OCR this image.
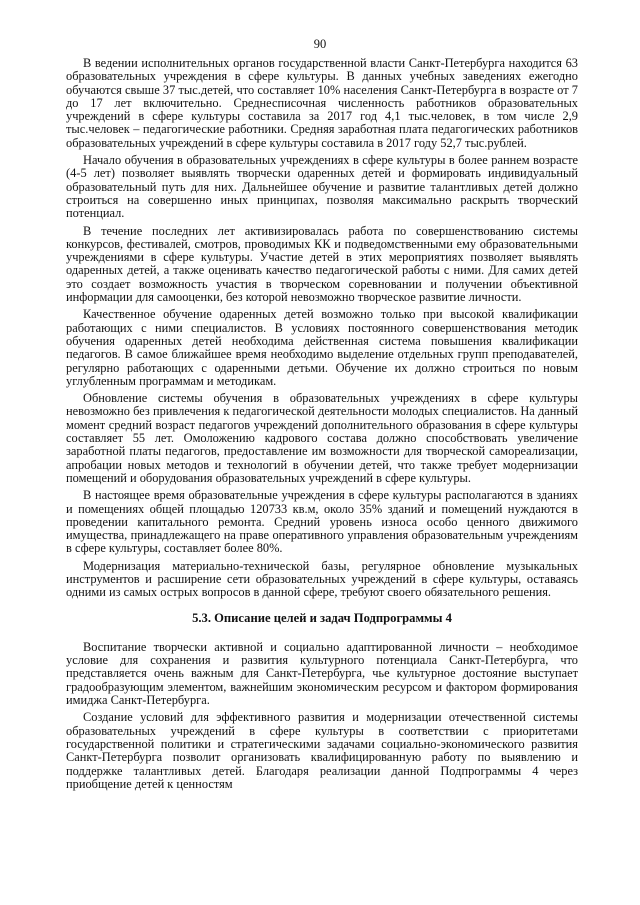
90

В ведении исполнительных органов государственной власти Санкт-Петербурга находится 63 образовательных учреждения в сфере культуры. В данных учебных заведениях ежегодно обучаются свыше 37 тыс.детей, что составляет 10% населения Санкт-Петербурга в возрасте от 7 до 17 лет включительно. Среднесписочная численность работников образовательных учреждений в сфере культуры составила за 2017 год 4,1 тыс.человек, в том числе 2,9 тыс.человек – педагогические работники. Средняя заработная плата педагогических работников образовательных учреждений в сфере культуры составила в 2017 году 52,7 тыс.рублей.

Начало обучения в образовательных учреждениях в сфере культуры в более раннем возрасте (4-5 лет) позволяет выявлять творчески одаренных детей и формировать индивидуальный образовательный путь для них. Дальнейшее обучение и развитие талантливых детей должно строиться на совершенно иных принципах, позволяя максимально раскрыть творческий потенциал.

В течение последних лет активизировалась работа по совершенствованию системы конкурсов, фестивалей, смотров, проводимых КК и подведомственными ему образовательными учреждениями в сфере культуры. Участие детей в этих мероприятиях позволяет выявлять одаренных детей, а также оценивать качество педагогической работы с ними. Для самих детей это создает возможность участия в творческом соревновании и получении объективной информации для самооценки, без которой невозможно творческое развитие личности.

Качественное обучение одаренных детей возможно только при высокой квалификации работающих с ними специалистов. В условиях постоянного совершенствования методик обучения одаренных детей необходима действенная система повышения квалификации педагогов. В самое ближайшее время необходимо выделение отдельных групп преподавателей, регулярно работающих с одаренными детьми. Обучение их должно строиться по новым углубленным программам и методикам.

Обновление системы обучения в образовательных учреждениях в сфере культуры невозможно без привлечения к педагогической деятельности молодых специалистов. На данный момент средний возраст педагогов учреждений дополнительного образования в сфере культуры составляет 55 лет. Омоложению кадрового состава должно способствовать увеличение заработной платы педагогов, предоставление им возможности для творческой самореализации, апробации новых методов и технологий в обучении детей, что также требует модернизации помещений и оборудования образовательных учреждений в сфере культуры.

В настоящее время образовательные учреждения в сфере культуры располагаются в зданиях и помещениях общей площадью 120733 кв.м, около 35% зданий и помещений нуждаются в проведении капитального ремонта. Средний уровень износа особо ценного движимого имущества, принадлежащего на праве оперативного управления образовательным учреждениям в сфере культуры, составляет более 80%.

Модернизация материально-технической базы, регулярное обновление музыкальных инструментов и расширение сети образовательных учреждений в сфере культуры, оставаясь одними из самых острых вопросов в данной сфере, требуют своего обязательного решения.

5.3. Описание целей и задач Подпрограммы 4

Воспитание творчески активной и социально адаптированной личности – необходимое условие для сохранения и развития культурного потенциала Санкт-Петербурга, что представляется очень важным для Санкт-Петербурга, чье культурное достояние выступает градообразующим элементом, важнейшим экономическим ресурсом и фактором формирования имиджа Санкт-Петербурга.

Создание условий для эффективного развития и модернизации отечественной системы образовательных учреждений в сфере культуры в соответствии с приоритетами государственной политики и стратегическими задачами социально-экономического развития Санкт-Петербурга позволит организовать квалифицированную работу по выявлению и поддержке талантливых детей. Благодаря реализации данной Подпрограммы 4 через приобщение детей к ценностям
